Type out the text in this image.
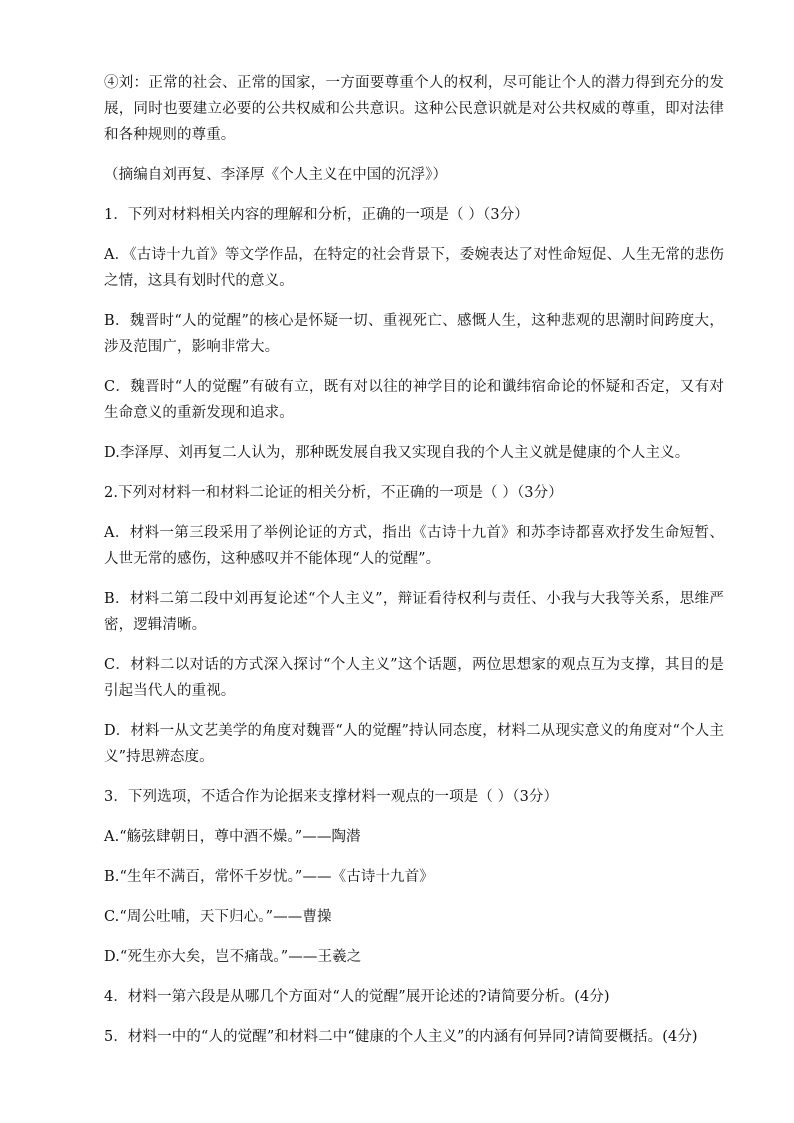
④刘：正常的社会、正常的国家，一方面要尊重个人的权利，尽可能让个人的潜力得到充分的发展，同时也要建立必要的公共权威和公共意识。这种公民意识就是对公共权威的尊重，即对法律和各种规则的尊重。

（摘编自刘再复、李泽厚《个人主义在中国的沉浮》）

1．下列对材料相关内容的理解和分析，正确的一项是（ ）（3分）

A．《古诗十九首》等文学作品，在特定的社会背景下，委婉表达了对性命短促、人生无常的悲伤之情，这具有划时代的意义。

B．魏晋时“人的觉醒”的核心是怀疑一切、重视死亡、感慨人生，这种悲观的思潮时间跨度大，涉及范围广，影响非常大。

C．魏晋时“人的觉醒”有破有立，既有对以往的神学目的论和谶纬宿命论的怀疑和否定，又有对生命意义的重新发现和追求。

D.李泽厚、刘再复二人认为，那种既发展自我又实现自我的个人主义就是健康的个人主义。

2.下列对材料一和材料二论证的相关分析，不正确的一项是（ ）（3分）

A．材料一第三段采用了举例论证的方式，指出《古诗十九首》和苏李诗都喜欢抒发生命短暂、人世无常的感伤，这种感叹并不能体现“人的觉醒”。

B．材料二第二段中刘再复论述“个人主义”，辩证看待权利与责任、小我与大我等关系，思维严密，逻辑清晰。

C．材料二以对话的方式深入探讨“个人主义”这个话题，两位思想家的观点互为支撑，其目的是引起当代人的重视。

D．材料一从文艺美学的角度对魏晋“人的觉醒”持认同态度，材料二从现实意义的角度对“个人主义”持思辨态度。

3．下列选项，不适合作为论据来支撑材料一观点的一项是（ ）（3分）

A.“觞弦肆朝日，尊中酒不燥。”——陶潜

B.“生年不满百，常怀千岁忧。”——《古诗十九首》

C.“周公吐哺，天下归心。”——曹操

D.“死生亦大矣，岂不痛哉。”——王羲之

4．材料一第六段是从哪几个方面对“人的觉醒”展开论述的?请简要分析。(4分)

5．材料一中的“人的觉醒”和材料二中“健康的个人主义”的内涵有何异同?请简要概括。(4分)
